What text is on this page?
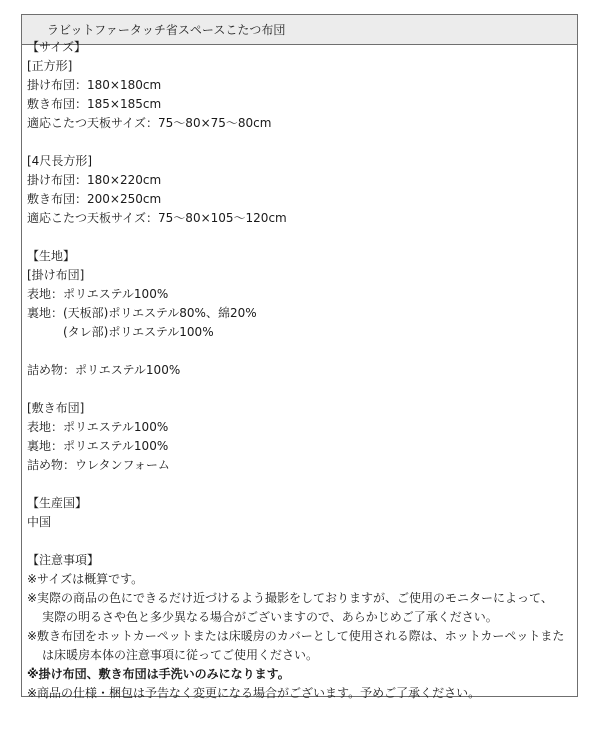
ラビットファータッチ省スペースこたつ布団
【サイズ】
[正方形]
掛け布団：180×180cm
敷き布団：185×185cm
適応こたつ天板サイズ：75～80×75～80cm
[4尺長方形]
掛け布団：180×220cm
敷き布団：200×250cm
適応こたつ天板サイズ：75～80×105～120cm
【生地】
[掛け布団]
表地：ポリエステル100%
裏地：(天板部)ポリエステル80%、綿20%
(タレ部)ポリエステル100%
詰め物：ポリエステル100%
[敷き布団]
表地：ポリエステル100%
裏地：ポリエステル100%
詰め物：ウレタンフォーム
【生産国】
中国
【注意事項】
※サイズは概算です。
※実際の商品の色にできるだけ近づけるよう撮影をしておりますが、ご使用のモニターによって、
実際の明るさや色と多少異なる場合がございますので、あらかじめご了承ください。
※敷き布団をホットカーペットまたは床暖房のカバーとして使用される際は、ホットカーペットまた
は床暖房本体の注意事項に従ってご使用ください。
※掛け布団、敷き布団は手洗いのみになります。
※商品の仕様・梱包は予告なく変更になる場合がございます。予めご了承ください。
